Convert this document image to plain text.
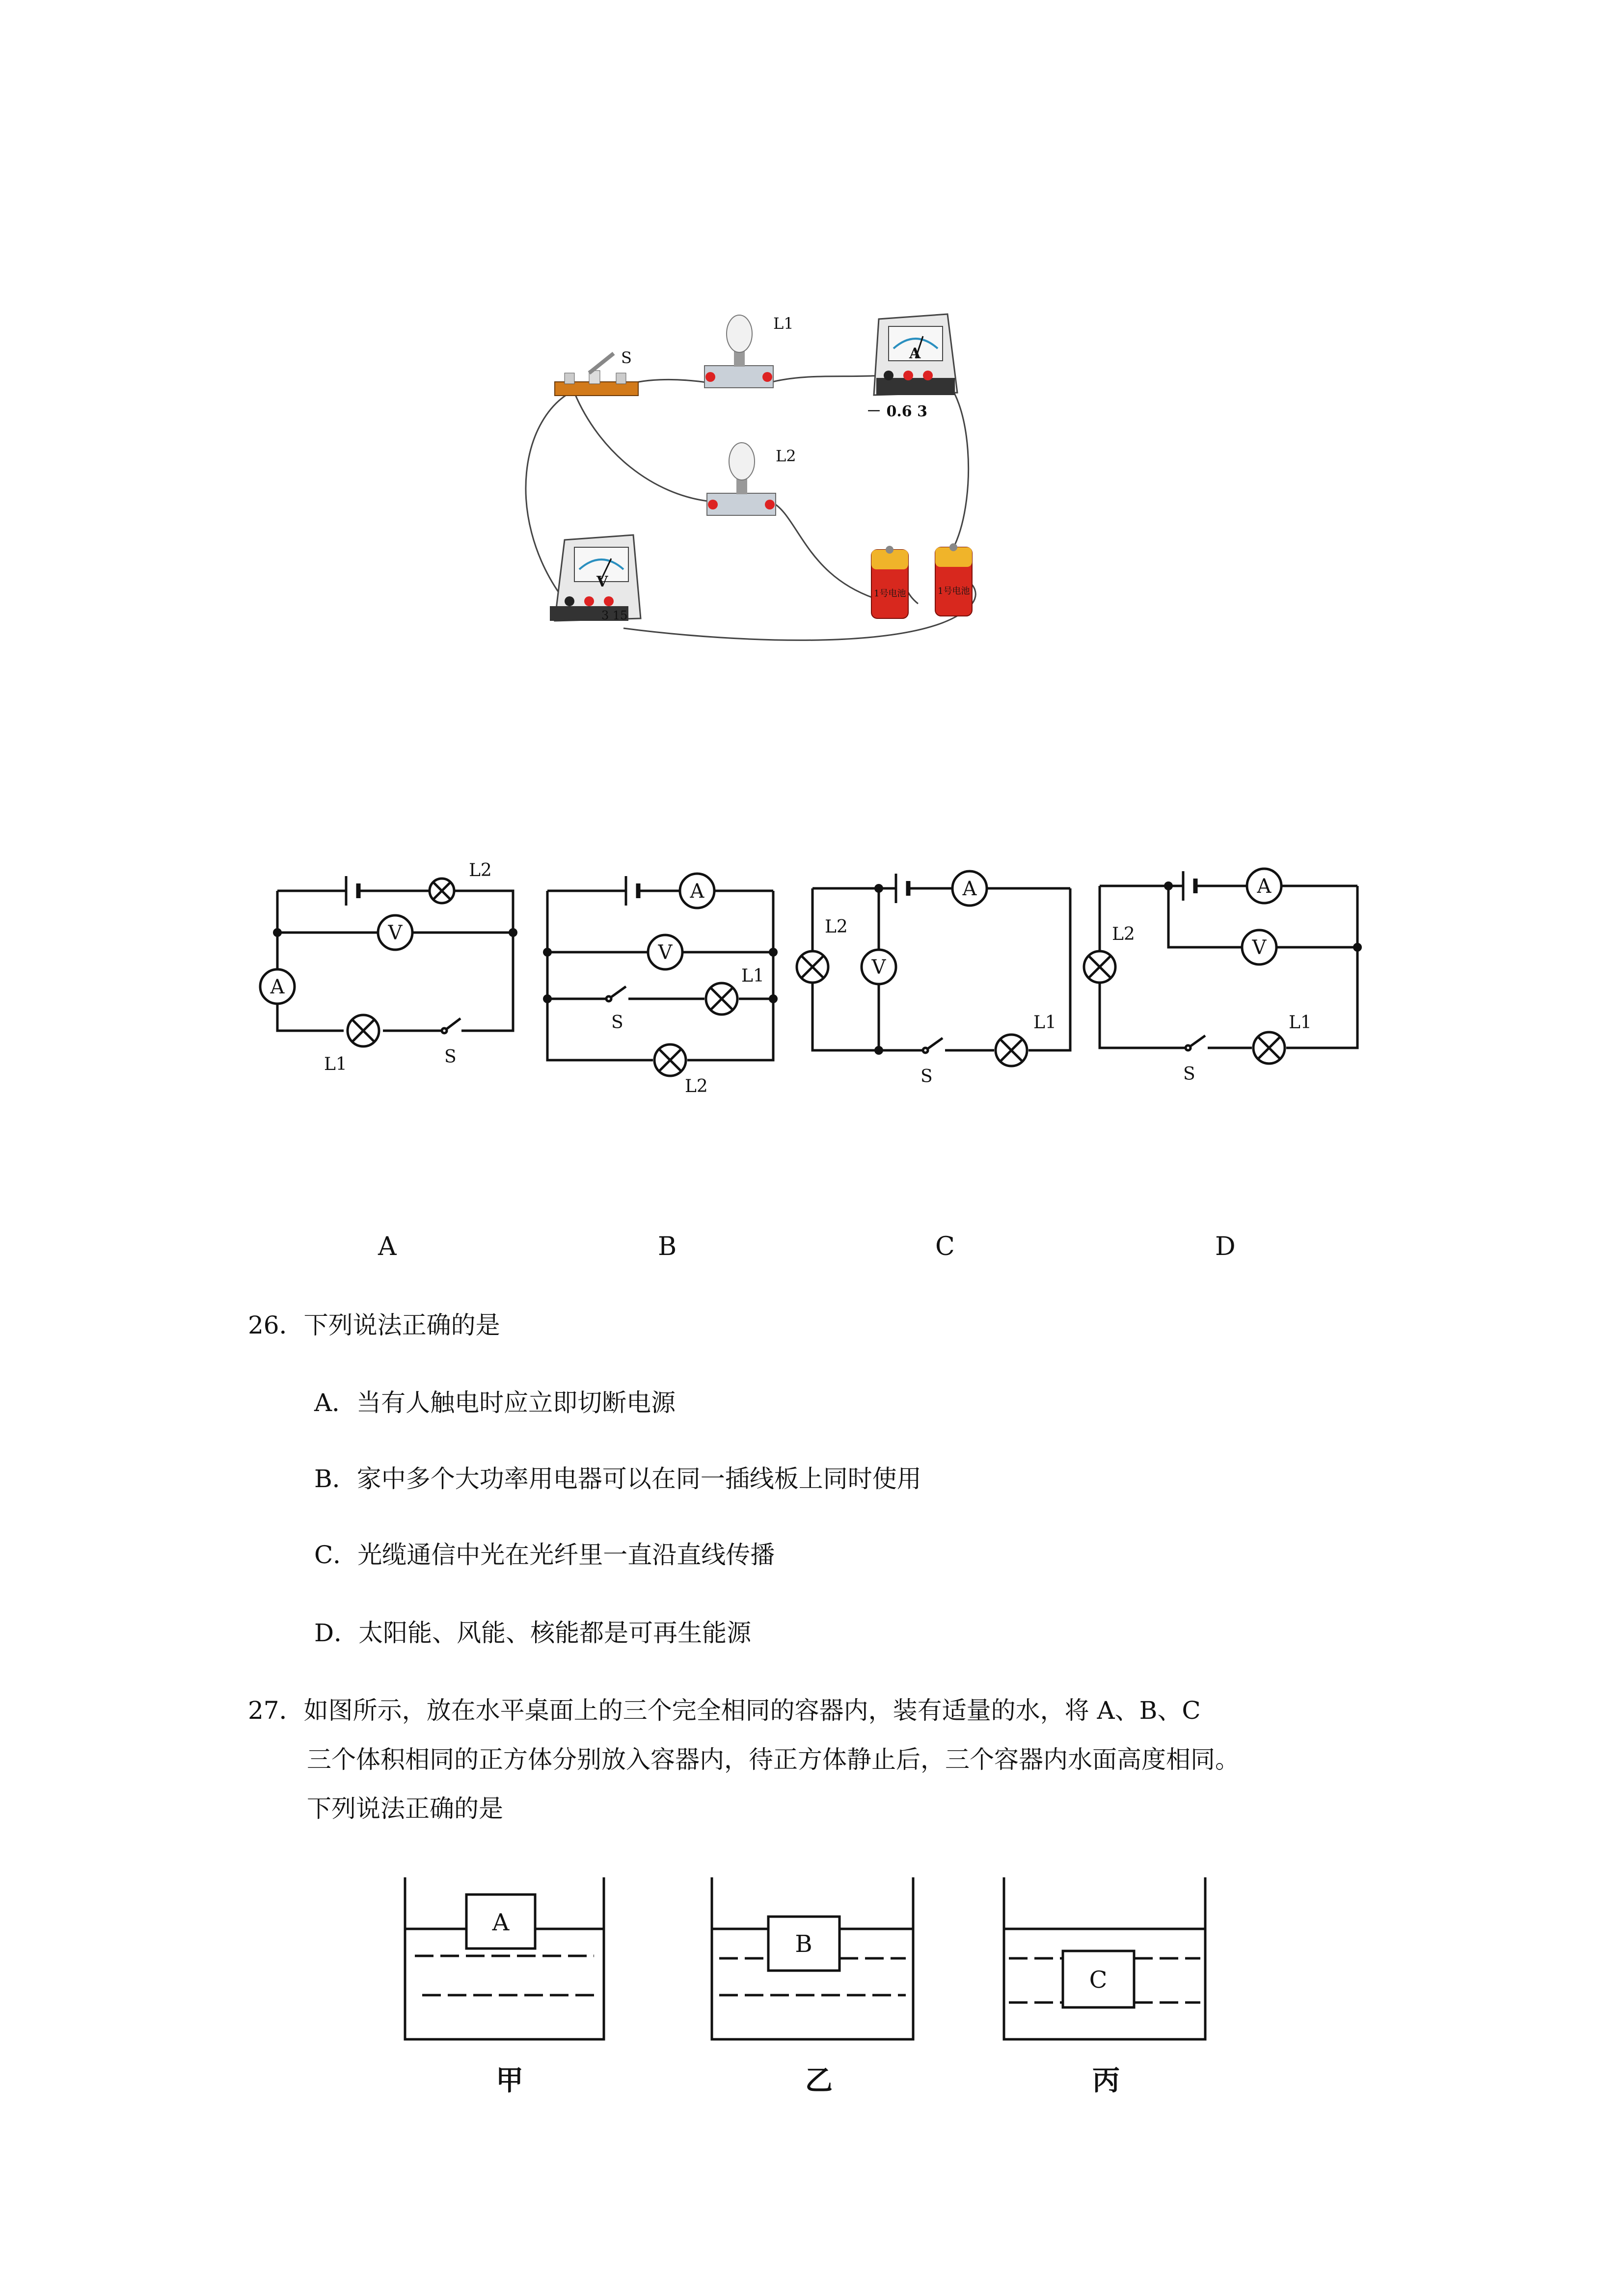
S
L1
L2
A
－ 0.6 3
V
3 15
1号电池	1号电池
V
A
A
V
A
V
A
V
L2
L1	S
L1
S
L2
L2
S
L1
L2
S
L1
A	B	C	D
26．下列说法正确的是
A．当有人触电时应立即切断电源
B．家中多个大功率用电器可以在同一插线板上同时使用
C．光缆通信中光在光纤里一直沿直线传播
D．太阳能、风能、核能都是可再生能源
27．如图所示，放在水平桌面上的三个完全相同的容器内，装有适量的水，将 A、B、C
三个体积相同的正方体分别放入容器内，待正方体静止后，三个容器内水面高度相同。
下列说法正确的是
A
B
C
甲	乙	丙
